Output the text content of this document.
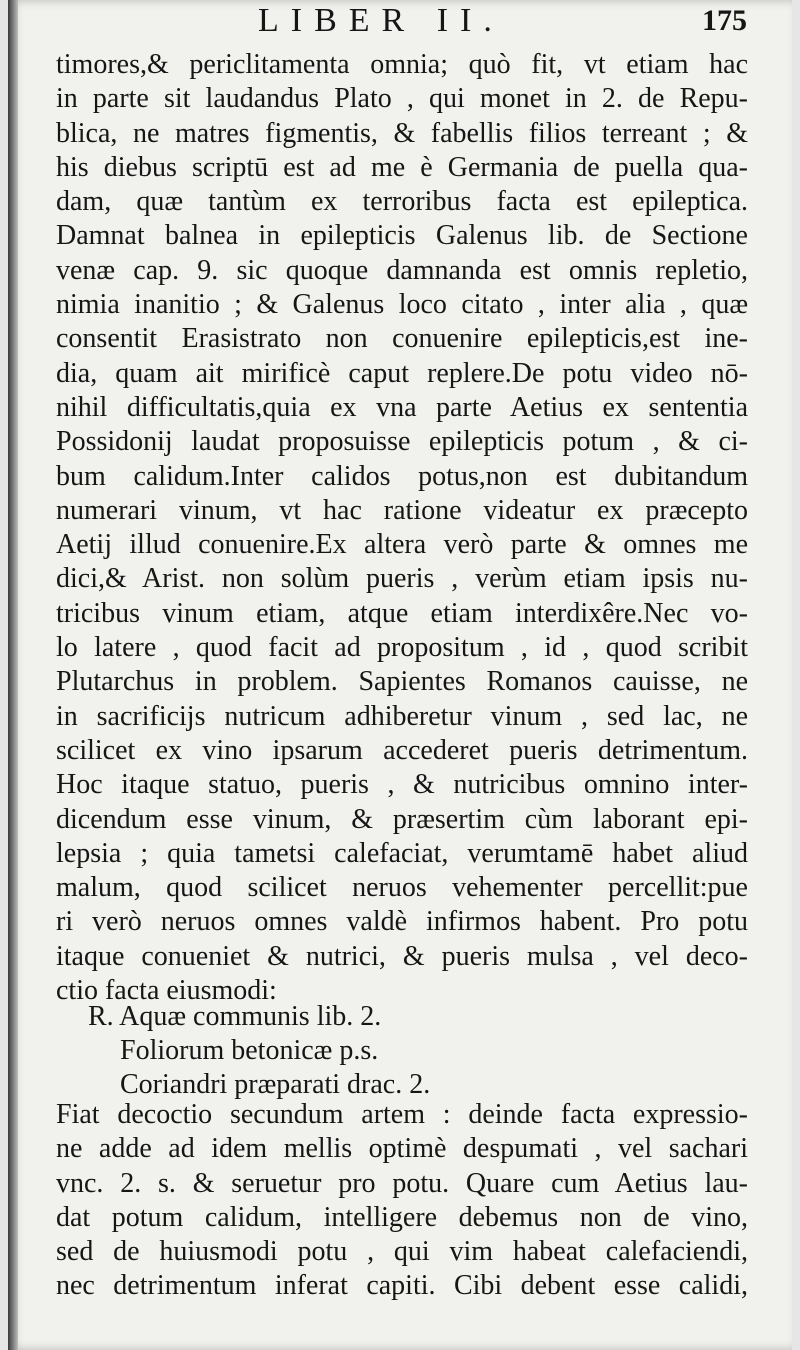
LIBER II.	175
timores,& periclitamenta omnia; quò fit, vt etiam hac
in parte sit laudandus Plato , qui monet in 2. de Repu-
blica, ne matres figmentis, & fabellis filios terreant ; &
his diebus scriptū est ad me è Germania de puella qua-
dam, quæ tantùm ex terroribus facta est epileptica.
Damnat balnea in epilepticis Galenus lib. de Sectione
venæ cap. 9. sic quoque damnanda est omnis repletio,
nimia inanitio ; & Galenus loco citato , inter alia , quæ
consentit Erasistrato non conuenire epilepticis,est ine-
dia, quam ait mirificè caput replere.De potu video nō-
nihil difficultatis,quia ex vna parte Aetius ex sententia
Possidonij laudat proposuisse epilepticis potum , & ci-
bum calidum.Inter calidos potus,non est dubitandum
numerari vinum, vt hac ratione videatur ex præcepto
Aetij illud conuenire.Ex altera verò parte & omnes me
dici,& Arist. non solùm pueris , verùm etiam ipsis nu-
tricibus vinum etiam, atque etiam interdixêre.Nec vo-
lo latere , quod facit ad propositum , id , quod scribit
Plutarchus in problem. Sapientes Romanos cauisse, ne
in sacrificijs nutricum adhiberetur vinum , sed lac, ne
scilicet ex vino ipsarum accederet pueris detrimentum.
Hoc itaque statuo, pueris , & nutricibus omnino inter-
dicendum esse vinum, & præsertim cùm laborant epi-
lepsia ; quia tametsi calefaciat, verumtamē habet aliud
malum, quod scilicet neruos vehementer percellit:pue
ri verò neruos omnes valdè infirmos habent. Pro potu
itaque conueniet & nutrici, & pueris mulsa , vel deco-
ctio facta eiusmodi:
R. Aquæ communis lib. 2.
Foliorum betonicæ p.s.
Coriandri præparati drac. 2.
Fiat decoctio secundum artem : deinde facta expressio-
ne adde ad idem mellis optimè despumati , vel sachari
vnc. 2. s. & seruetur pro potu. Quare cum Aetius lau-
dat potum calidum, intelligere debemus non de vino,
sed de huiusmodi potu , qui vim habeat calefaciendi,
nec detrimentum inferat capiti. Cibi debent esse calidi,
